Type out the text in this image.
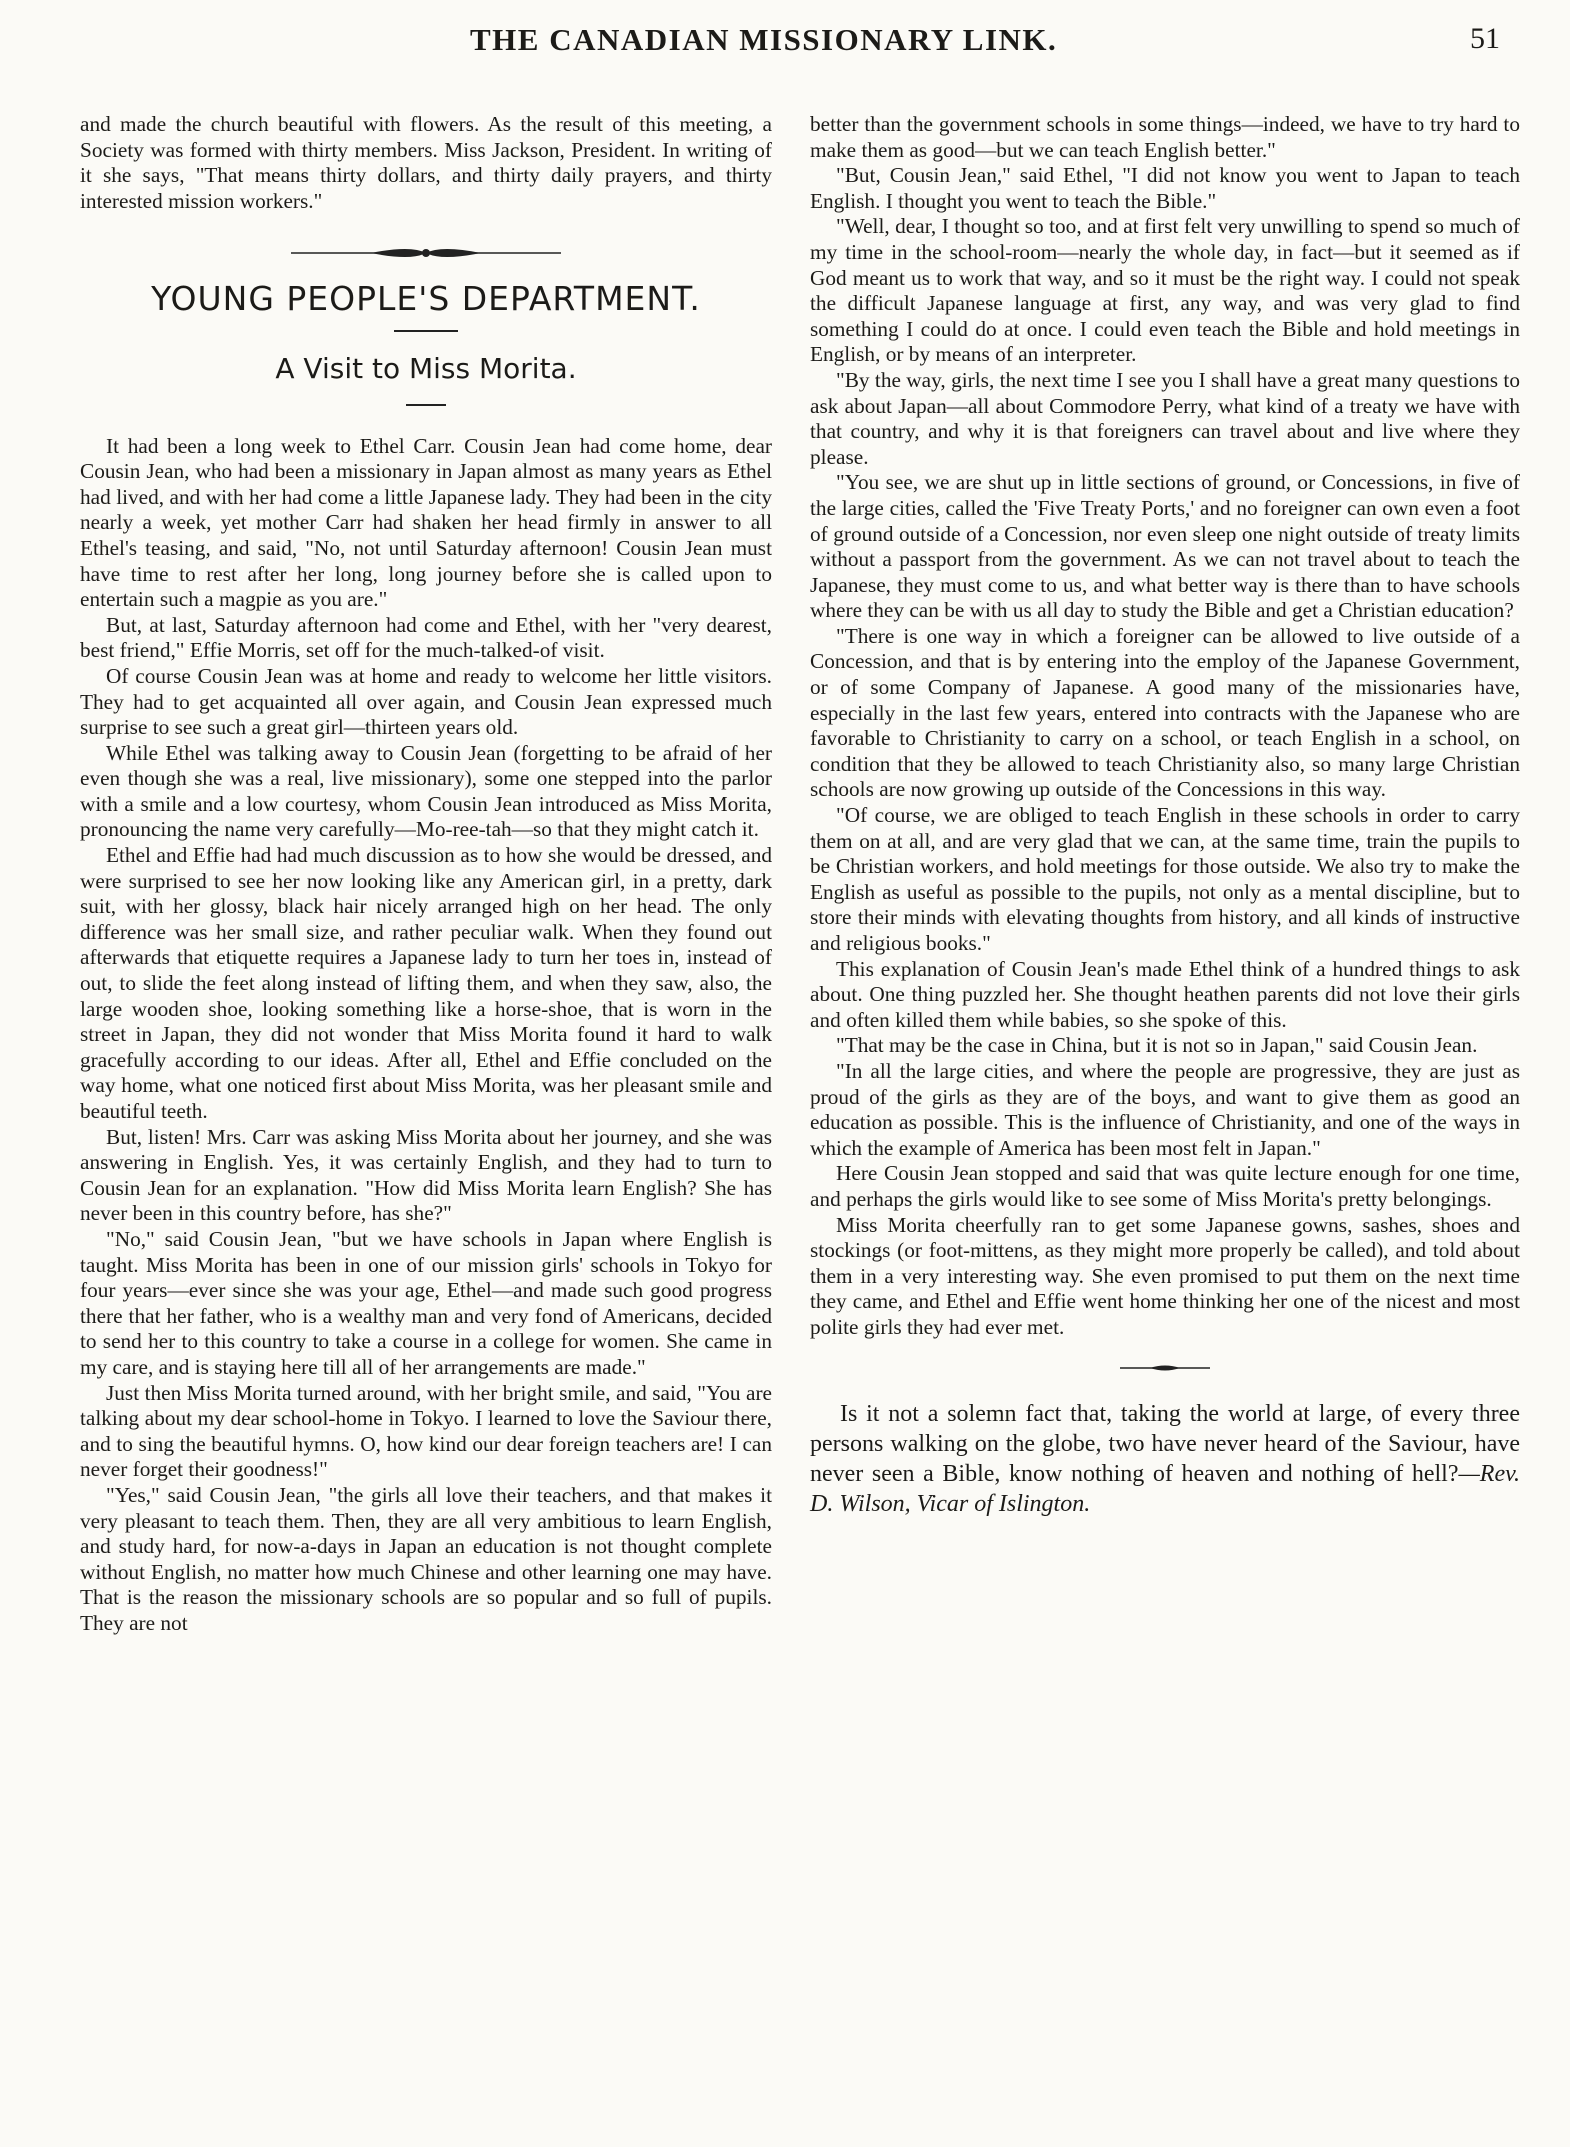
THE CANADIAN MISSIONARY LINK.	51

and made the church beautiful with flowers. As the result of this meeting, a Society was formed with thirty members. Miss Jackson, President. In writing of it she says, "That means thirty dollars, and thirty daily prayers, and thirty interested mission workers."

YOUNG PEOPLE'S DEPARTMENT.
A Visit to Miss Morita.

It had been a long week to Ethel Carr. Cousin Jean had come home, dear Cousin Jean, who had been a missionary in Japan almost as many years as Ethel had lived, and with her had come a little Japanese lady. They had been in the city nearly a week, yet mother Carr had shaken her head firmly in answer to all Ethel's teasing, and said, "No, not until Saturday afternoon! Cousin Jean must have time to rest after her long, long journey before she is called upon to entertain such a magpie as you are."

But, at last, Saturday afternoon had come and Ethel, with her "very dearest, best friend," Effie Morris, set off for the much-talked-of visit.

Of course Cousin Jean was at home and ready to welcome her little visitors. They had to get acquainted all over again, and Cousin Jean expressed much surprise to see such a great girl—thirteen years old.

While Ethel was talking away to Cousin Jean (forgetting to be afraid of her even though she was a real, live missionary), some one stepped into the parlor with a smile and a low courtesy, whom Cousin Jean introduced as Miss Morita, pronouncing the name very carefully—Mo-ree-tah—so that they might catch it.

Ethel and Effie had had much discussion as to how she would be dressed, and were surprised to see her now looking like any American girl, in a pretty, dark suit, with her glossy, black hair nicely arranged high on her head. The only difference was her small size, and rather peculiar walk. When they found out afterwards that etiquette requires a Japanese lady to turn her toes in, instead of out, to slide the feet along instead of lifting them, and when they saw, also, the large wooden shoe, looking something like a horse-shoe, that is worn in the street in Japan, they did not wonder that Miss Morita found it hard to walk gracefully according to our ideas. After all, Ethel and Effie concluded on the way home, what one noticed first about Miss Morita, was her pleasant smile and beautiful teeth.

But, listen! Mrs. Carr was asking Miss Morita about her journey, and she was answering in English. Yes, it was certainly English, and they had to turn to Cousin Jean for an explanation. "How did Miss Morita learn English? She has never been in this country before, has she?"

"No," said Cousin Jean, "but we have schools in Japan where English is taught. Miss Morita has been in one of our mission girls' schools in Tokyo for four years—ever since she was your age, Ethel—and made such good progress there that her father, who is a wealthy man and very fond of Americans, decided to send her to this country to take a course in a college for women. She came in my care, and is staying here till all of her arrangements are made."

Just then Miss Morita turned around, with her bright smile, and said, "You are talking about my dear school-home in Tokyo. I learned to love the Saviour there, and to sing the beautiful hymns. O, how kind our dear foreign teachers are! I can never forget their goodness!"

"Yes," said Cousin Jean, "the girls all love their teachers, and that makes it very pleasant to teach them. Then, they are all very ambitious to learn English, and study hard, for now-a-days in Japan an education is not thought complete without English, no matter how much Chinese and other learning one may have. That is the reason the missionary schools are so popular and so full of pupils. They are not

better than the government schools in some things—indeed, we have to try hard to make them as good—but we can teach English better."

"But, Cousin Jean," said Ethel, "I did not know you went to Japan to teach English. I thought you went to teach the Bible."

"Well, dear, I thought so too, and at first felt very unwilling to spend so much of my time in the school-room—nearly the whole day, in fact—but it seemed as if God meant us to work that way, and so it must be the right way. I could not speak the difficult Japanese language at first, any way, and was very glad to find something I could do at once. I could even teach the Bible and hold meetings in English, or by means of an interpreter.

"By the way, girls, the next time I see you I shall have a great many questions to ask about Japan—all about Commodore Perry, what kind of a treaty we have with that country, and why it is that foreigners can travel about and live where they please.

"You see, we are shut up in little sections of ground, or Concessions, in five of the large cities, called the 'Five Treaty Ports,' and no foreigner can own even a foot of ground outside of a Concession, nor even sleep one night outside of treaty limits without a passport from the government. As we can not travel about to teach the Japanese, they must come to us, and what better way is there than to have schools where they can be with us all day to study the Bible and get a Christian education?

"There is one way in which a foreigner can be allowed to live outside of a Concession, and that is by entering into the employ of the Japanese Government, or of some Company of Japanese. A good many of the missionaries have, especially in the last few years, entered into contracts with the Japanese who are favorable to Christianity to carry on a school, or teach English in a school, on condition that they be allowed to teach Christianity also, so many large Christian schools are now growing up outside of the Concessions in this way.

"Of course, we are obliged to teach English in these schools in order to carry them on at all, and are very glad that we can, at the same time, train the pupils to be Christian workers, and hold meetings for those outside. We also try to make the English as useful as possible to the pupils, not only as a mental discipline, but to store their minds with elevating thoughts from history, and all kinds of instructive and religious books."

This explanation of Cousin Jean's made Ethel think of a hundred things to ask about. One thing puzzled her. She thought heathen parents did not love their girls and often killed them while babies, so she spoke of this.

"That may be the case in China, but it is not so in Japan," said Cousin Jean.

"In all the large cities, and where the people are progressive, they are just as proud of the girls as they are of the boys, and want to give them as good an education as possible. This is the influence of Christianity, and one of the ways in which the example of America has been most felt in Japan."

Here Cousin Jean stopped and said that was quite lecture enough for one time, and perhaps the girls would like to see some of Miss Morita's pretty belongings.

Miss Morita cheerfully ran to get some Japanese gowns, sashes, shoes and stockings (or foot-mittens, as they might more properly be called), and told about them in a very interesting way. She even promised to put them on the next time they came, and Ethel and Effie went home thinking her one of the nicest and most polite girls they had ever met.

Is it not a solemn fact that, taking the world at large, of every three persons walking on the globe, two have never heard of the Saviour, have never seen a Bible, know nothing of heaven and nothing of hell?—Rev. D. Wilson, Vicar of Islington.
